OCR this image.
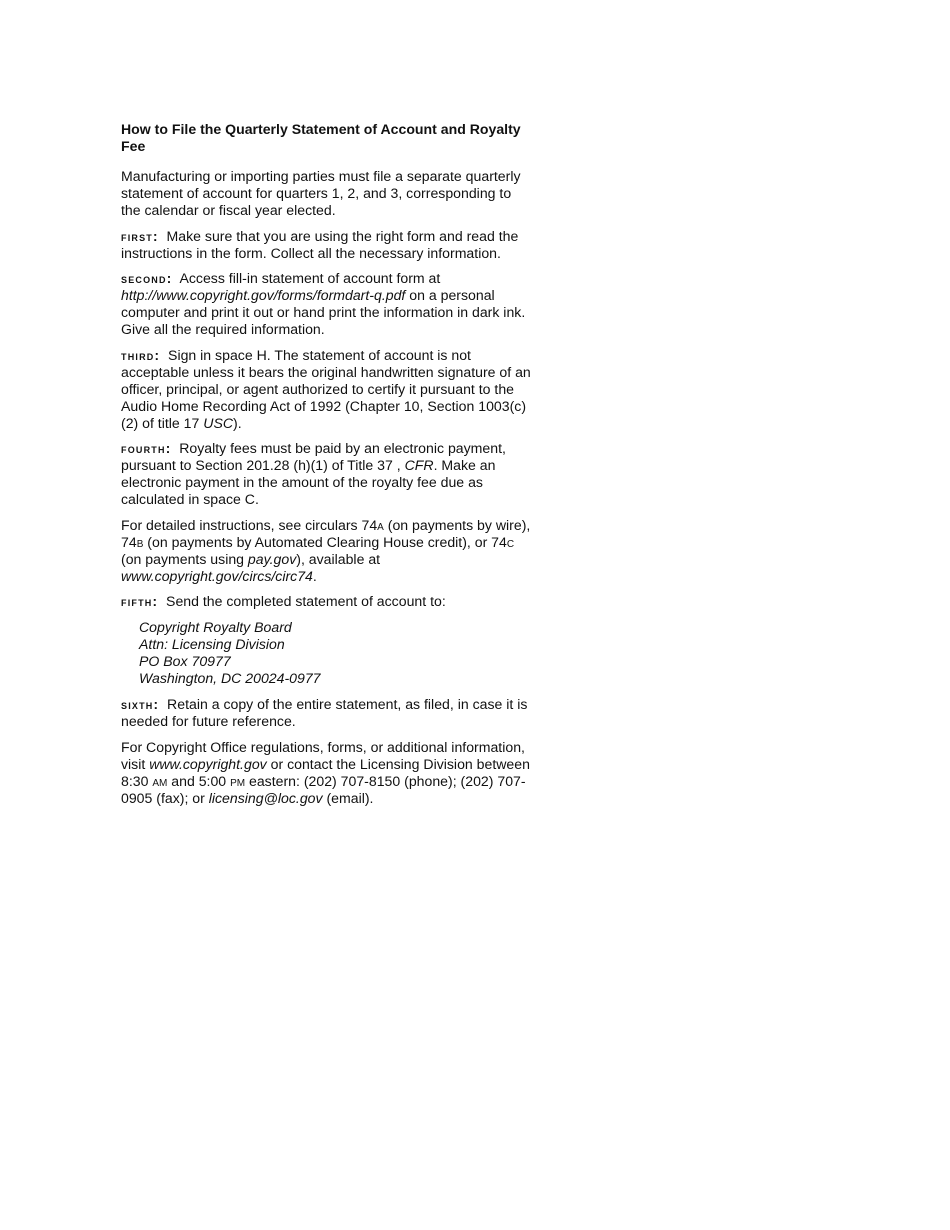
How to File the Quarterly Statement of Account and Royalty Fee

Manufacturing or importing parties must file a separate quarterly statement of account for quarters 1, 2, and 3, corresponding to the calendar or fiscal year elected.

first: Make sure that you are using the right form and read the instructions in the form. Collect all the necessary information.

second: Access fill-in statement of account form at http://www.copyright.gov/forms/formdart-q.pdf on a personal computer and print it out or hand print the information in dark ink. Give all the required information.

third: Sign in space H. The statement of account is not acceptable unless it bears the original handwritten signature of an officer, principal, or agent authorized to certify it pursuant to the Audio Home Recording Act of 1992 (Chapter 10, Section 1003(c)(2) of title 17 USC).

fourth: Royalty fees must be paid by an electronic payment, pursuant to Section 201.28 (h)(1) of Title 37 , CFR. Make an electronic payment in the amount of the royalty fee due as calculated in space C.

For detailed instructions, see circulars 74a (on payments by wire), 74b (on payments by Automated Clearing House credit), or 74c (on payments using pay.gov), available at www.copyright.gov/circs/circ74.

fifth: Send the completed statement of account to:

Copyright Royalty Board
Attn: Licensing Division
PO Box 70977
Washington, DC 20024-0977

sixth: Retain a copy of the entire statement, as filed, in case it is needed for future reference.

For Copyright Office regulations, forms, or additional information, visit www.copyright.gov or contact the Licensing Division between 8:30 am and 5:00 pm eastern: (202) 707-8150 (phone); (202) 707-0905 (fax); or licensing@loc.gov (email).
